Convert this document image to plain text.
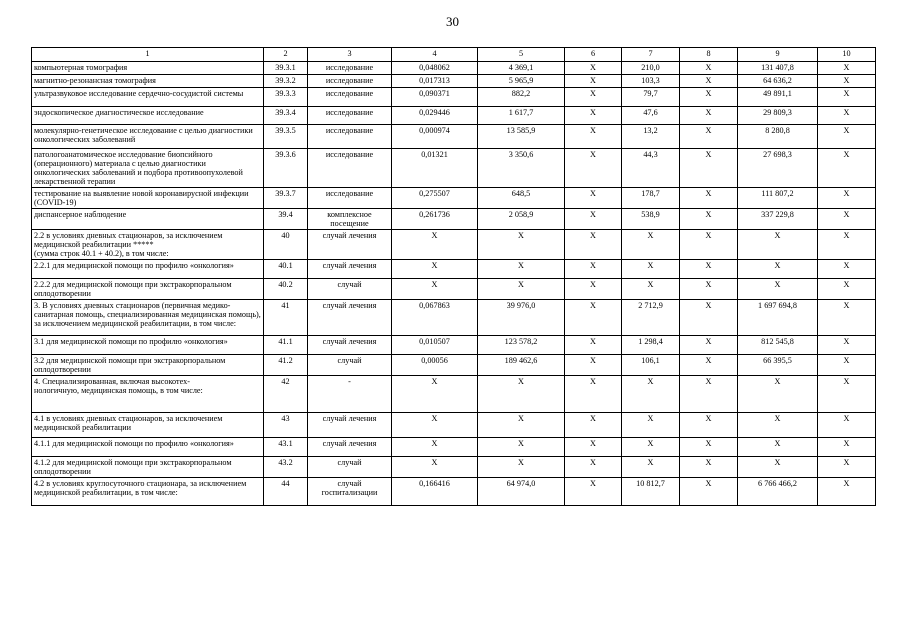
30
1	2	3	4	5	6	7	8	9	10
компьютерная томография	39.3.1	исследование	0,048062	4 369,1	X	210,0	X	131 407,8	X
магнитно-резонансная томография	39.3.2	исследование	0,017313	5 965,9	X	103,3	X	64 636,2	X
ультразвуковое исследование сердечно-сосудистой системы	39.3.3	исследование	0,090371	882,2	X	79,7	X	49 891,1	X
эндоскопическое диагностическое исследование	39.3.4	исследование	0,029446	1 617,7	X	47,6	X	29 809,3	X
молекулярно-генетическое исследование с целью диагностики онкологических заболеваний	39.3.5	исследование	0,000974	13 585,9	X	13,2	X	8 280,8	X
патологоанатомическое исследование биопсийного (операционного) материала с целью диагностики онкологических заболеваний и подбора противоопухолевой лекарственной терапии	39.3.6	исследование	0,01321	3 350,6	X	44,3	X	27 698,3	X
тестирование на выявление новой коронавирусной инфекции (COVID-19)	39.3.7	исследование	0,275507	648,5	X	178,7	X	111 807,2	X
диспансерное наблюдение	39.4	комплексное посещение	0,261736	2 058,9	X	538,9	X	337 229,8	X
2.2 в условиях дневных стационаров, за исключением медицинской реабилитации *****
(сумма строк 40.1 + 40.2), в том числе:	40	случай лечения	X	X	X	X	X	X	X
2.2.1 для медицинской помощи по профилю «онкология»	40.1	случай лечения	X	X	X	X	X	X	X
2.2.2 для медицинской помощи при экстракорпоральном оплодотворении	40.2	случай	X	X	X	X	X	X	X
3. В условиях дневных стационаров (первичная медико-санитарная помощь, специализированная медицинская помощь), за исключением медицинской реабилитации, в том числе:	41	случай лечения	0,067863	39 976,0	X	2 712,9	X	1 697 694,8	X
3.1 для медицинской помощи по профилю «онкология»	41.1	случай лечения	0,010507	123 578,2	X	1 298,4	X	812 545,8	X
3.2 для медицинской помощи при экстракорпоральном оплодотворении	41.2	случай	0,00056	189 462,6	X	106,1	X	66 395,5	X
4. Специализированная, включая высокотех-
нологичную, медицинская помощь, в том числе:	42	-	X	X	X	X	X	X	X
4.1 в условиях дневных стационаров, за исключением медицинской реабилитации	43	случай лечения	X	X	X	X	X	X	X
4.1.1 для медицинской помощи по профилю «онкология»	43.1	случай лечения	X	X	X	X	X	X	X
4.1.2 для медицинской помощи при экстракорпоральном оплодотворении	43.2	случай	X	X	X	X	X	X	X
4.2 в условиях круглосуточного стационара, за исключением медицинской реабилитации, в том числе:	44	случай госпитализации	0,166416	64 974,0	X	10 812,7	X	6 766 466,2	X
